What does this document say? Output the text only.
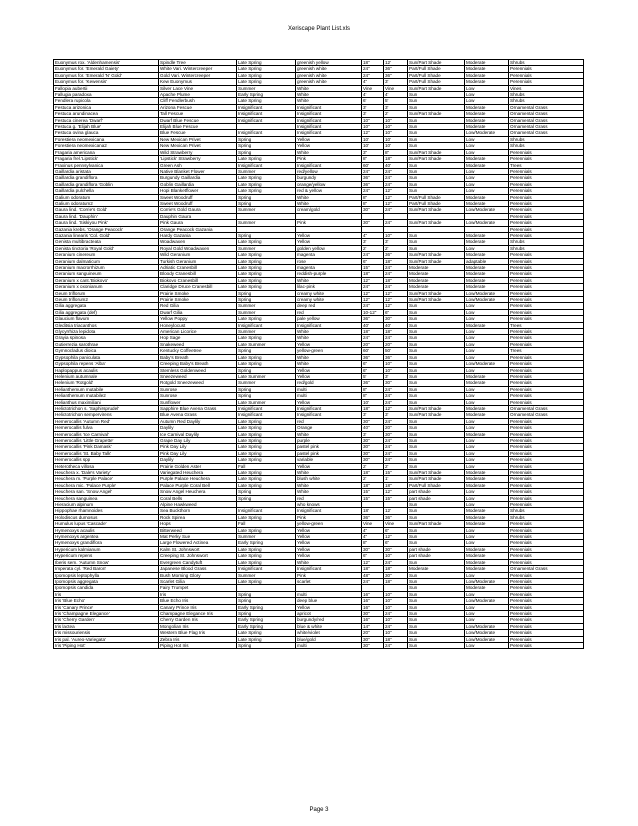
Xeriscape Plant List.xls
Euonymus rox. 'Aldenhamensis'	Spindle Tree	Late Spring	greenish yellow	18"	12'	Sun/Part Shade	Moderate	Shrubs
Euonymus for. 'Emerald Gaiety'	White Vari. Wintercreeper	Late Spring	greenish white	24"	36"	Part/Full Shade	Moderate	Perennials
Euonymus for. 'Emerald 'N' Gold'	Gold Vari. Wintercreeper	Late Spring	greenish white	24"	36"	Part/Full Shade	Moderate	Perennials
Euonymus for. 'Kewensis'	Kew Euonymus	Late Spring	greenish white	4"	3'	Part/Full Shade	Moderate	Perennials
Fallopia aubertii	Silver Lace Vine	Summer	White	Vine	Vine	Sun/Part Shade	Low	Vines
Fallugia paradoxa	Apache Plume	Early Spring	White	4'	4'	Sun	Low	Shrubs
Fendlera rupicola	Cliff Fendlerbush	Late Spring	White	6'	5'	Sun	Low	Shrubs
Festuca arizonica	Arizona Fescue	Insignificant	Insignificant	3'	3'	Sun	Moderate	Ornamental Grass
Festuca arundinacea	Tall Fescue	Insignificant	Insignificant	3'	2'	Sun/Part Shade	Moderate	Ornamental Grass
Festuca cinerea 'Dwarf'	Dwarf Blue Fescue	Insignificant	Insignificant	10"	10"	Sun	Moderate	Ornamental Grass
Festuca g. 'Elijah Blue'	Elijah Blue Fescue		Insignificant	10"	10"	Sun	Moderate	Ornamental Grass
Festuca ovina glauca	Blue Fescue	Insignificant	Insignificant	12"	10"	Sun	Low/Moderate	Ornamental Grass
Forestiera neomexicana	New Mexican Privet	Spring	Yellow	10'	10'	Sun	Low	Shrubs
Forestiera neomexicana2	New Mexican Privet	Spring	Yellow	10'	10'	Sun	Low	Shrubs
Fragaria americana	Wild Strawberry	Spring	White	3"	8"	Sun/Part Shade	Low	Perennials
Fragaria frel.'Lipstick'	'Lipstick' Strawberry	Late Spring	Pink	8"	18"	Sun/Part Shade	Moderate	Perennials
Fraxinus pennsylvanica	Green Ash	Insignificant	Insignificant	60'	40'	Sun	Moderate	Trees
Gaillardia aristata	Native Blanket Flower	Summer	red/yellow	24"	24"	Sun	Low	Perennials
Gaillardia grandiflora	Burgundy Gaillardia	Late Spring	burgundy	36"	24"	Sun	Low	Perennials
Gaillardia grandiflora 'Goblin	Goblin Gaillardia	Late Spring	orange/yellow	36"	24"	Sun	Low	Perennials
Gaillardia pulchella	Hopi Blanketflower	Late Spring	red & yellow	24"	12"	Sun	Low	Perennials
Galium odoratum	Sweet Woodruff	Spring	White	8"	12"	Part/Full Shade	Moderate	Perennials
Galium odoratum2	Sweet Woodruff	Spring	White	8"	12"	Part/Full Shade	Moderate	Perennials
Gaura lind. 'Corrie's Gold'	Corrie's Gold Gaura	Summer	cream/gold	30"	24"	Sun/Part Shade	Low/Moderate	Perennials
Gaura lind. 'Dauphin'	Dauphin Gaura							Perennials
Gaura lind. 'Siskiyou Pink'	Pink Gaura	Summer	Pink	30"	24"	Sun/Part Shade	Low/Moderate	Perennials
Gazania krebs. 'Orange Peacock'	Orange Peacock Gazania							Perennials
Gazania linearis 'Col. Gold'	Hardy Gazania	Spring	Yellow	4"	10"	Sun	Moderate	Perennials
Genista multibracteata	Woadwaxen	Late Spring	Yellow	3'	3'	Sun	Moderate	Shrubs
Genista tinctoria 'Royal Gold'	Royal Gold Woadwaxen	Summer	golden yellow	2'	2'	Sun	Low	Shrubs
Geranium cinereum	Wild Geranium	Late Spring	magenta	24"	36"	Sun/Part Shade	Moderate	Perennials
Geranium dalmaticum	Turkish Geranium	Late Spring	rose	6"	18"	Sun/Part Shade	adaptable	Perennials
Geranium macrorrhizum	Adriatic Cranesbill	Late Spring	magenta	15"	24"	Moderate	Moderate	Perennials
Geranium sanguineum	Bloody Cranesbill	Late Spring	reddish-purple	18"	24"	Moderate	Moderate	Perennials
Geranium x cant.'Biokovo'	Biokovo Cranesbill	Late Spring	White	12"	18"	Moderate	Moderate	Perennials
Geranium x oxonianum	Claridge Druce Cranesbill	Late Spring	lilac-pink	24"	24"	Moderate	Moderate	Perennials
Geum triflorum	Prairie Smoke	Spring	creamy white	12"	12"	Sun/Part Shade	Low/Moderate	Perennials
Geum triflorum2	Prairie Smoke	Spring	creamy white	12"	12"	Sun/Part Shade	Low/Moderate	Perennials
Gilia aggregata	Red Gilia	Summer	deep red	24"	12"	Sun	Low	Perennials
Gilia aggregata (def)	Dwarf Gilia	Summer	red	10-12"	6"	Sun	Low	Perennials
Glaucium flavum	Yellow Poppy	Late Spring	pale yellow	36"	30"	Sun	Low	Perennials
Gleditsia triacanthos	Honeylocust	Insignificant	Insignificant	40'	40'	Sun	Moderate	Trees
Glycyrrhiza lepidota	American Licorice	Summer	White	18"	18"	Sun	Low	Perennials
Grayia spinosa	Hop Sage	Late Spring	White	24"	24"	Sun	Low	Perennials
Gutierrezia sarothrae	Snakeweed	Late Summer	Yellow	20"	20"	Sun	Low	Perennials
Gymnocladus dioica	Kentucky Coffeetree	Spring	yellow-green	60'	50'	Sun	Low	Trees
Gypsophila paniculata	Baby's Breath	Late Spring	White	36"	36"	Sun	Low	Perennials
Gypsophila repens 'Alba'	Creeping Baby's Breath	Late Spring	White	6"	10"	Sun	Low/Moderate	Perennials
Haplopappus acaulis	Stemless Goldenweed	Spring	Yellow	6"	10"	Sun	Low	Perennials
Helenium autumnale	Sneezeweed	Late Summer	Yellow	5'	3'	Sun	Moderate	Perennials
Helenium 'Rotgold'	Rotgold Sneezeweed	Summer	red/gold	36"	30"	Sun	Moderate	Perennials
Helianthemum mutabile	Sunrose	Spring	multi	8"	24"	Sun	Low	Perennials
Helianthemum mutabile2	Sunrose	Spring	multi	8"	24"	Sun	Low	Perennials
Helianthus maximiliani	Sunflower	Late Summer	Yellow	10'	24"	Sun	Low	Perennials
Helictotrichon s. 'Saphirsprudel'	Sapphire Blue Avena Grass	Insignificant	Insignificant	18"	12"	Sun/Part Shade	Moderate	Ornamental Grass
Helictotrichon sempervirens	Blue Avena Grass	Insignificant	Insignificant	3'	3'	Sun/Part Shade	Moderate	Ornamental Grass
Hemerocallis 'Autumn Red'	Autumn Red Daylily	Late Spring	red	30"	24"	Sun	Low	Perennials
Hemerocallis fulva	Daylily	Late Spring	Orange	40"	20"	Sun	Low	Perennials
Hemerocallis 'Ice Carnival'	Ice Carnival Daylily	Late Spring	White	3'	30"	Sun	Moderate	Perennials
Hemerocallis 'Little Grapette'	Grape Day Lily	Late Spring	purple	30"	24"	Sun	Low	Perennials
Hemerocallis 'Pink Damask'	Pink Day Lily	Late Spring	pastel pink	30"	24"	Sun	Low	Perennials
Hemerocallis 'St. Baby Talk'	Pink Day Lily	Late Spring	pastel pink	30"	24"	Sun	Low	Perennials
Hemerocallis spp	Daylily	Late Spring	variable	30"	24"	Sun	Low	Perennials
Heterotheca villosa	Prairie Golden Aster	Fall	Yellow	2'	2'	Sun	Low	Perennials
Heuchera x. 'Dale's Variety'	Variegated Heuchera	Late Spring	White	18"	15"	Sun/Part Shade	Moderate	Perennials
Heuchera m. 'Purple Palace'	Purple Palace Heuchera	Late Spring	blush white	2'	1'	Sun/Part Shade	Moderate	Perennials
Heuchera mic. 'Palace Purple'	Palace Purple Coral Bell	Late Spring	White	18"	18"	Part/Full Shade	Moderate	Perennials
Heuchera san. 'Snow Angel'	Snow Angel Heuchera	Spring	White	15"	12"	part shade	Low	Perennials
Heuchera sanguinea	Coral Bells	Spring	red	15"	15"	part shade	Low	Perennials
Hieracium alpinum	Alpine Hawkweed		who knows			Sun	Low	Perennials
Hippophae rhamnoides	Sea Buckthorn	Insignificant	Insignificant	18'	12'	Sun	Moderate	Shrubs
Holodiscus dumosus	Rock Spirea	Late Spring	Pink	36"	36"	Sun	Moderate	Shrubs
Humulus lupus 'Cascade'	Hops	Fall	yellow-green	Vine	Vine	Sun/Part Shade	Moderate	Perennials
Hymenoxys acaulis	Bitterweed	Late Spring	Yellow	4"	6"	Sun	Low	Perennials
Hymenoxys argentea	Mat Perky Sue	Summer	Yellow	4"	12"	Sun	Low	Perennials
Hymenoxys grandiflora	Large Flowered Actinea	Early Spring	Yellow	8"	6"	Sun	Low	Perennials
Hypericum kalmianum	Kalm St. Johnswort	Late Spring	Yellow	30"	30"	part shade	Moderate	Perennials
Hypericum repens	Creeping St. Johnswort	Late Spring	Yellow	6"	10"	part shade	Moderate	Perennials
Iberis sem. 'Autumn Snow'	Evergreen Candytuft	Late Spring	White	12"	24"	Sun	Moderate	Perennials
Imperata cyl. 'Red Baron'	Japanese Blood Grass	Insignificant	Insignificant	18"	18"	Moderate	Moderate	Ornamental Grass
Ipomopsis leptophylla	Bush Morning Glory	Summer	Pink	48"	30"	Sun	Low	Perennials
Ipomopsis aggregata	Scarlet Gilia	Late Spring	scarlet	24"	18"	Sun	Low/Moderate	Perennials
Ipomopsis candida	Fairy Trumpet					Sun	Moderate	Perennials
Iris	Iris	Spring	multi	16"	10"	Sun	Low	Perennials
Iris 'Blue Echo'	Blue Echo Iris	Spring	deep blue	16"	10"	Sun	Low/Moderate	Perennials
Iris 'Canary Prince'	Canary Prince Iris	Early Spring	Yellow	16"	10"	Sun	Low	Perennials
Iris 'Champagne Elegance'	Champagne Elegance Iris	Spring	apricot	30"	24"	Sun	Low	Perennials
Iris 'Cherry Garden'	Cherry Garden Iris	Early Spring	burgundy/red	16"	10"	Sun	Low	Perennials
Iris lactea	Mongolian Iris	Early Spring	blue & white	14"	24"	Sun	Low/Moderate	Perennials
Iris missouriensis	Western Blue Flag Iris	Late Spring	white/violet	20"	10"	Sun	Low/Moderate	Perennials
Iris pal. 'Aureo-Variegata'	Zebra Iris	Late Spring	blue/gold	30"	18"	Sun	Low/Moderate	Perennials
Iris 'Piping Hot'	Piping Hot Iris	Spring	multi	30"	24"	Sun	Low	Perennials
Page 3
